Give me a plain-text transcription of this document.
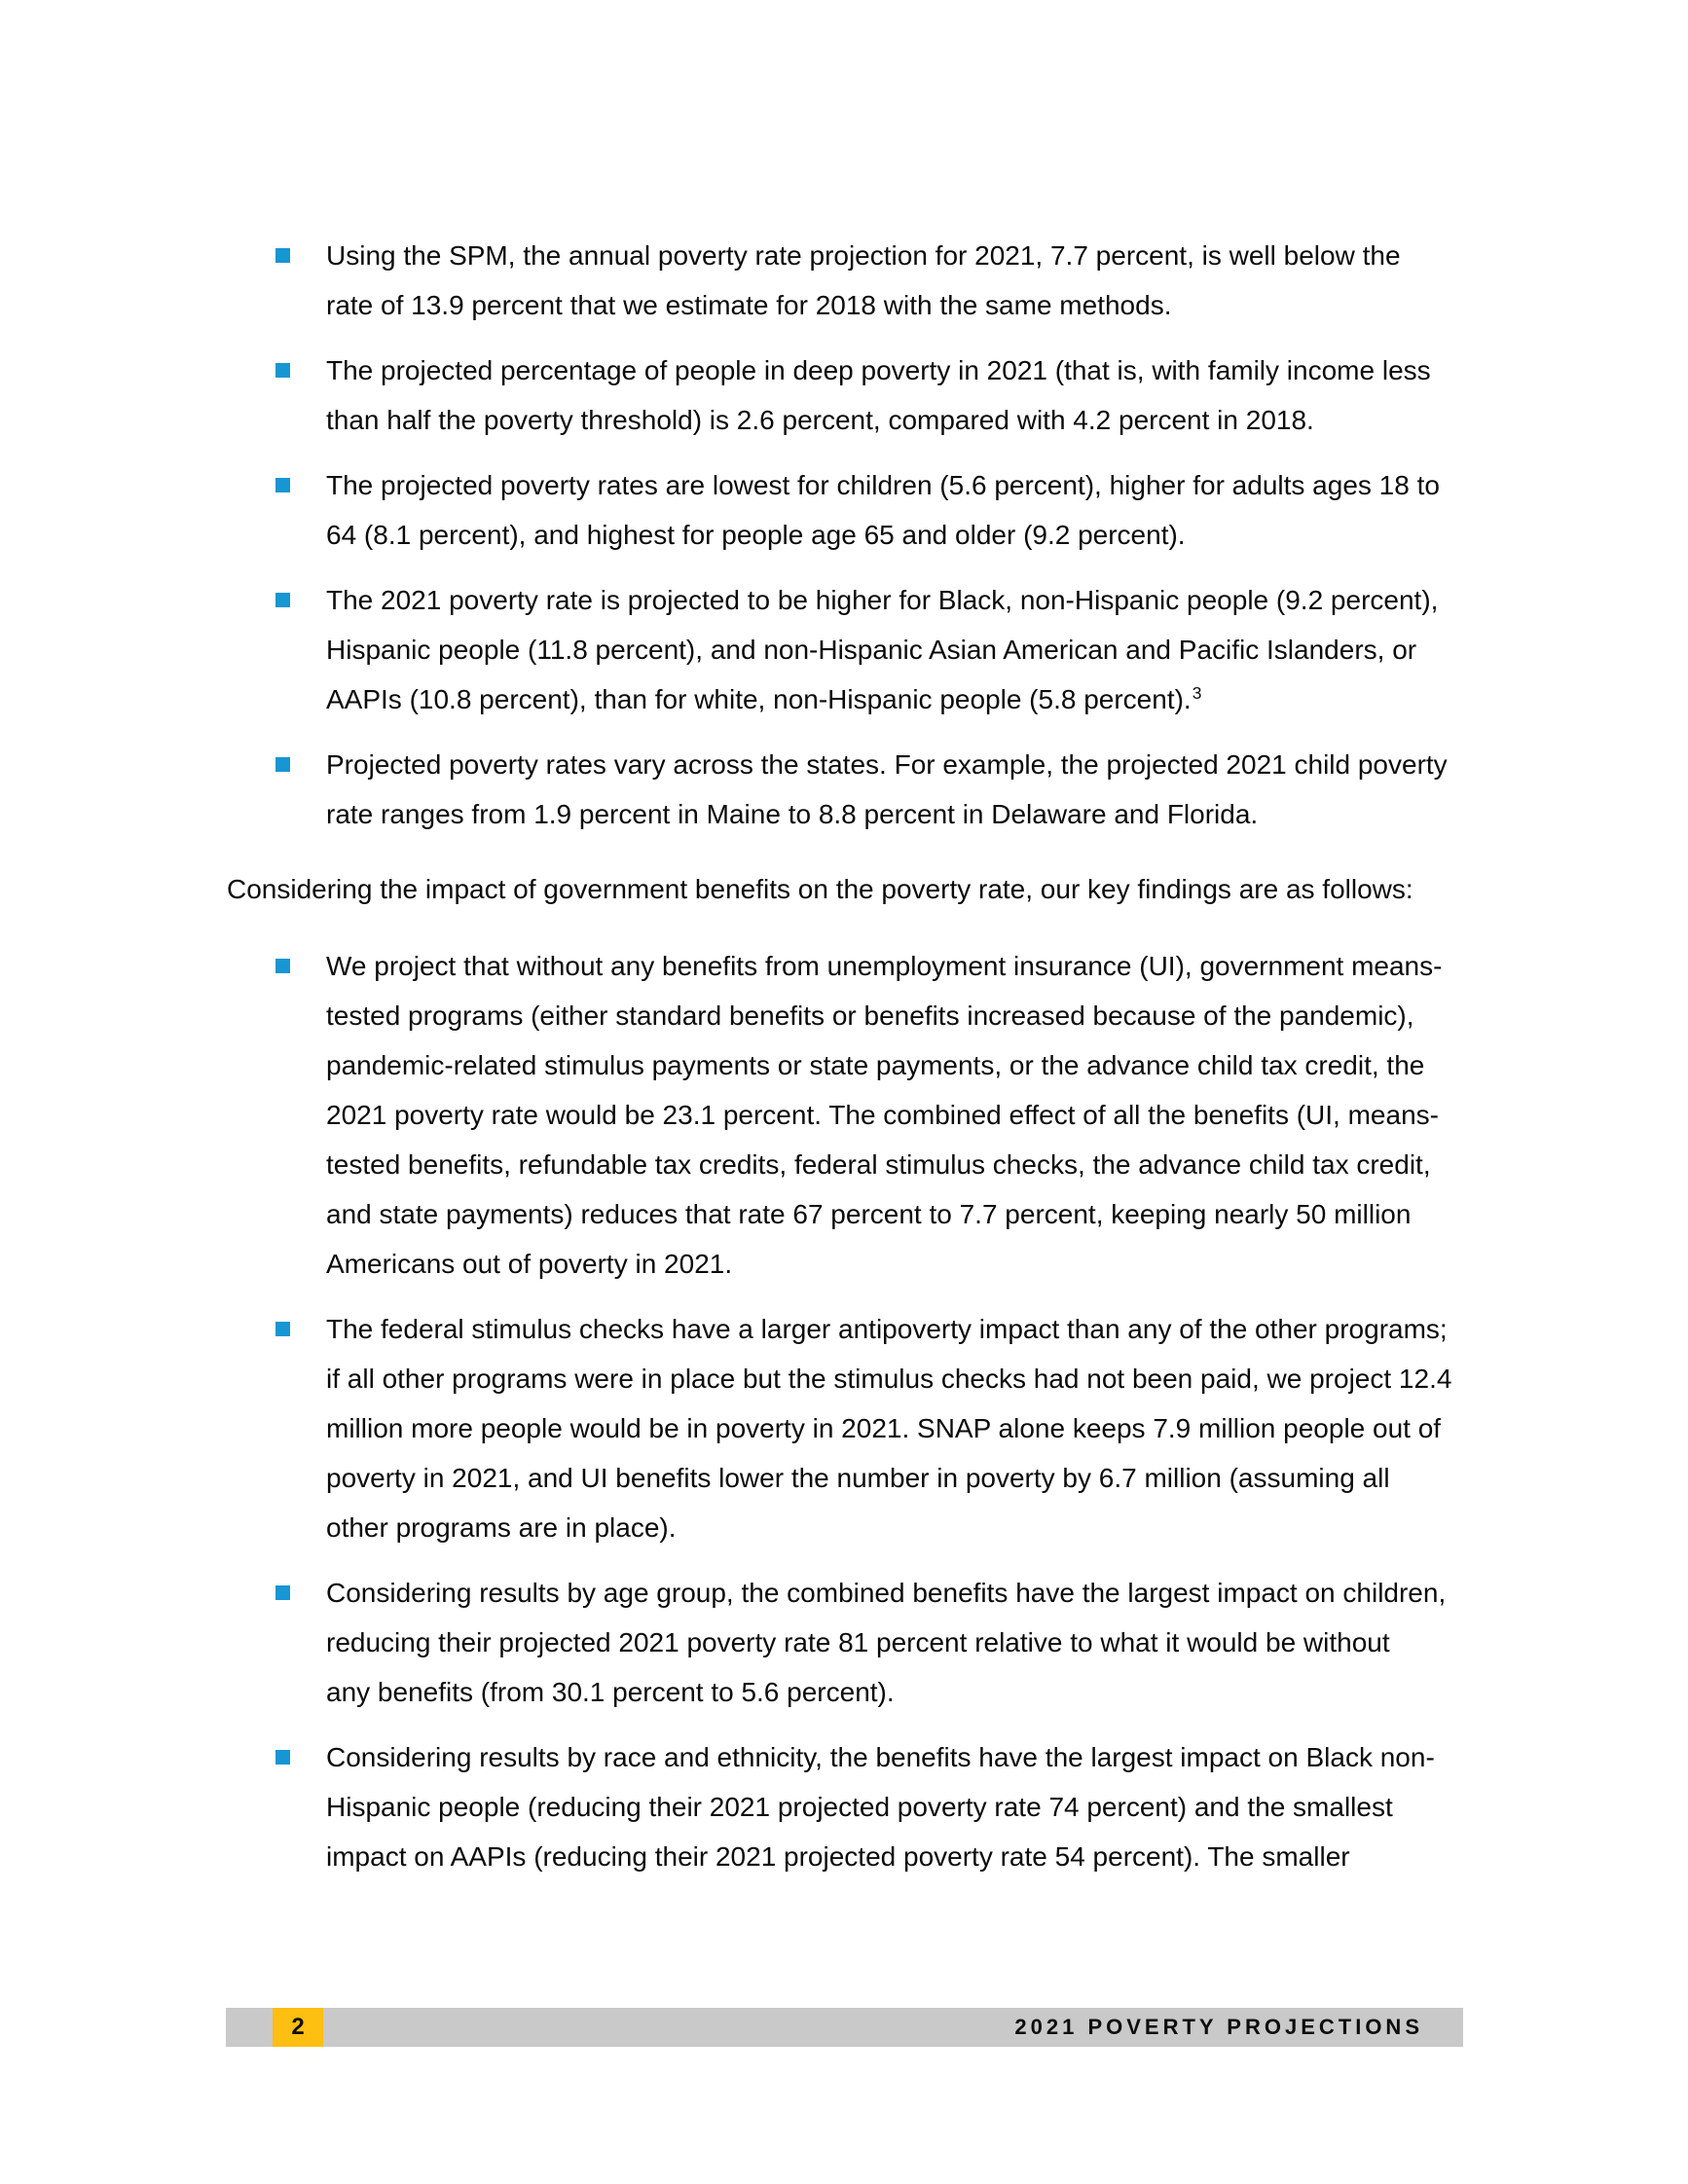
Using the SPM, the annual poverty rate projection for 2021, 7.7 percent, is well below the
rate of 13.9 percent that we estimate for 2018 with the same methods.
The projected percentage of people in deep poverty in 2021 (that is, with family income less
than half the poverty threshold) is 2.6 percent, compared with 4.2 percent in 2018.
The projected poverty rates are lowest for children (5.6 percent), higher for adults ages 18 to
64 (8.1 percent), and highest for people age 65 and older (9.2 percent).
The 2021 poverty rate is projected to be higher for Black, non-Hispanic people (9.2 percent),
Hispanic people (11.8 percent), and non-Hispanic Asian American and Pacific Islanders, or
AAPIs (10.8 percent), than for white, non-Hispanic people (5.8 percent).$^3$
Projected poverty rates vary across the states. For example, the projected 2021 child poverty
rate ranges from 1.9 percent in Maine to 8.8 percent in Delaware and Florida.

Considering the impact of government benefits on the poverty rate, our key findings are as follows:

We project that without any benefits from unemployment insurance (UI), government means-
tested programs (either standard benefits or benefits increased because of the pandemic),
pandemic-related stimulus payments or state payments, or the advance child tax credit, the
2021 poverty rate would be 23.1 percent. The combined effect of all the benefits (UI, means-
tested benefits, refundable tax credits, federal stimulus checks, the advance child tax credit,
and state payments) reduces that rate 67 percent to 7.7 percent, keeping nearly 50 million
Americans out of poverty in 2021.
The federal stimulus checks have a larger antipoverty impact than any of the other programs;
if all other programs were in place but the stimulus checks had not been paid, we project 12.4
million more people would be in poverty in 2021. SNAP alone keeps 7.9 million people out of
poverty in 2021, and UI benefits lower the number in poverty by 6.7 million (assuming all
other programs are in place).
Considering results by age group, the combined benefits have the largest impact on children,
reducing their projected 2021 poverty rate 81 percent relative to what it would be without
any benefits (from 30.1 percent to 5.6 percent).
Considering results by race and ethnicity, the benefits have the largest impact on Black non-
Hispanic people (reducing their 2021 projected poverty rate 74 percent) and the smallest
impact on AAPIs (reducing their 2021 projected poverty rate 54 percent). The smaller
2	2021 POVERTY PROJECTIONS
